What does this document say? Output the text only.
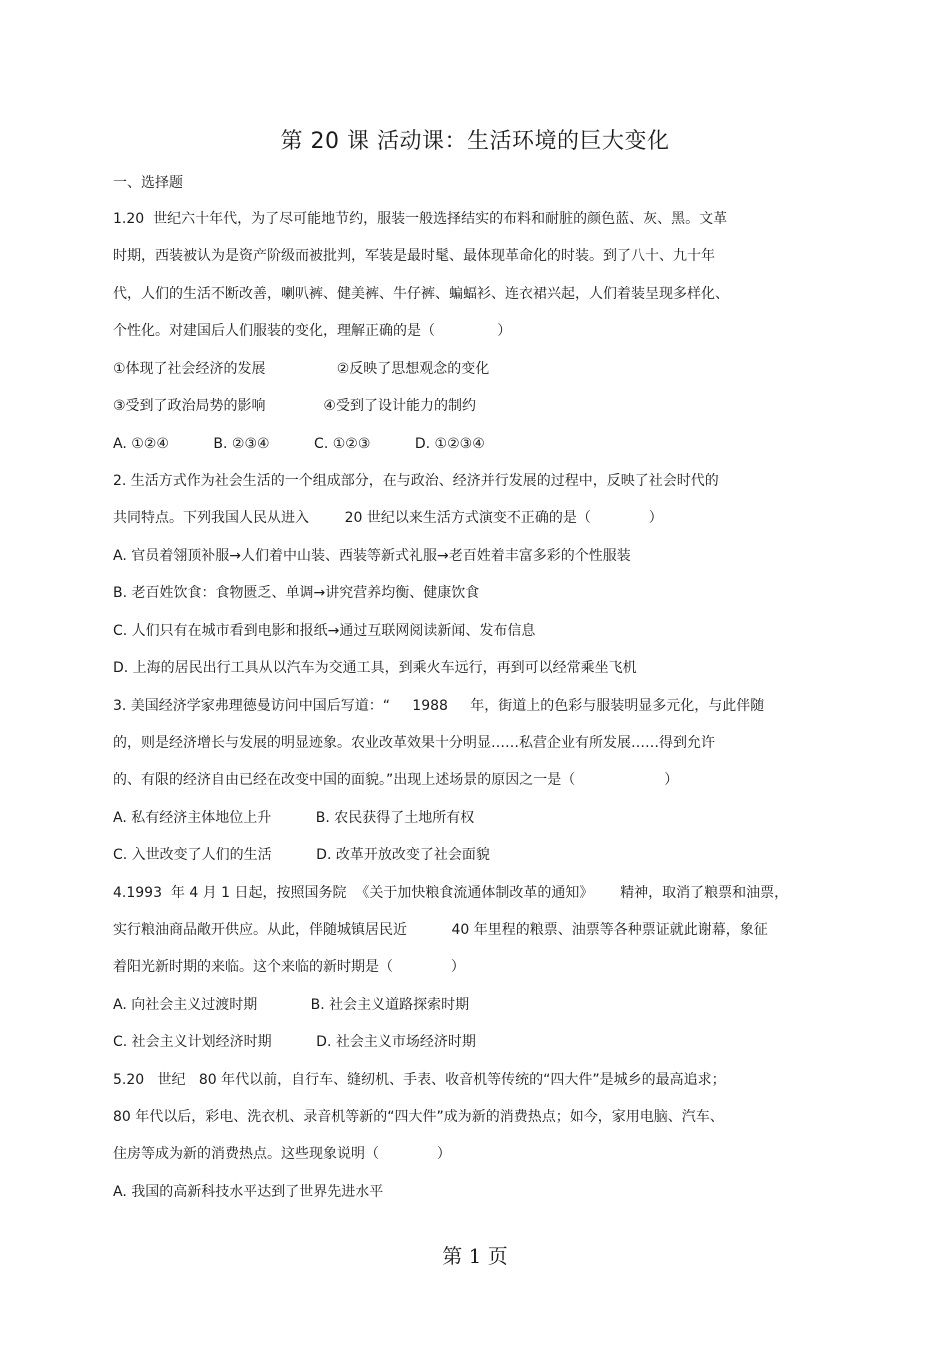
第 20 课 活动课：生活环境的巨大变化
一、选择题
1.20  世纪六十年代，为了尽可能地节约，服装一般选择结实的布料和耐脏的颜色蓝、灰、黑。文革
时期，西装被认为是资产阶级而被批判，军装是最时髦、最体现革命化的时装。到了八十、九十年
代，人们的生活不断改善，喇叭裤、健美裤、牛仔裤、蝙蝠衫、连衣裙兴起，人们着装呈现多样化、
个性化。对建国后人们服装的变化，理解正确的是（              ）
①体现了社会经济的发展                ②反映了思想观念的变化
③受到了政治局势的影响             ④受到了设计能力的制约
A. ①②④          B. ②③④          C. ①②③          D. ①②③④
2. 生活方式作为社会生活的一个组成部分，在与政治、经济并行发展的过程中，反映了社会时代的
共同特点。下列我国人民从进入        20 世纪以来生活方式演变不正确的是（             ）
A. 官员着翎顶补服→人们着中山装、西装等新式礼服→老百姓着丰富多彩的个性服装
B. 老百姓饮食：食物匮乏、单调→讲究营养均衡、健康饮食
C. 人们只有在城市看到电影和报纸→通过互联网阅读新闻、发布信息
D. 上海的居民出行工具从以汽车为交通工具，到乘火车远行，再到可以经常乘坐飞机
3. 美国经济学家弗理德曼访问中国后写道：“     1988     年，街道上的色彩与服装明显多元化，与此伴随
的，则是经济增长与发展的明显迹象。农业改革效果十分明显……私营企业有所发展……得到允许
的、有限的经济自由已经在改变中国的面貌。”出现上述场景的原因之一是（                    ）
A. 私有经济主体地位上升          B. 农民获得了土地所有权
C. 入世改变了人们的生活          D. 改革开放改变了社会面貌
4.1993  年 4 月 1 日起，按照国务院  《关于加快粮食流通体制改革的通知》      精神，取消了粮票和油票，
实行粮油商品敞开供应。从此，伴随城镇居民近          40 年里程的粮票、油票等各种票证就此谢幕，象征
着阳光新时期的来临。这个来临的新时期是（             ）
A. 向社会主义过渡时期            B. 社会主义道路探索时期
C. 社会主义计划经济时期          D. 社会主义市场经济时期
5.20   世纪   80 年代以前，自行车、缝纫机、手表、收音机等传统的“四大件”是城乡的最高追求；
80 年代以后，彩电、洗衣机、录音机等新的“四大件”成为新的消费热点；如今，家用电脑、汽车、
住房等成为新的消费热点。这些现象说明（             ）
A. 我国的高新科技水平达到了世界先进水平
第 1 页
